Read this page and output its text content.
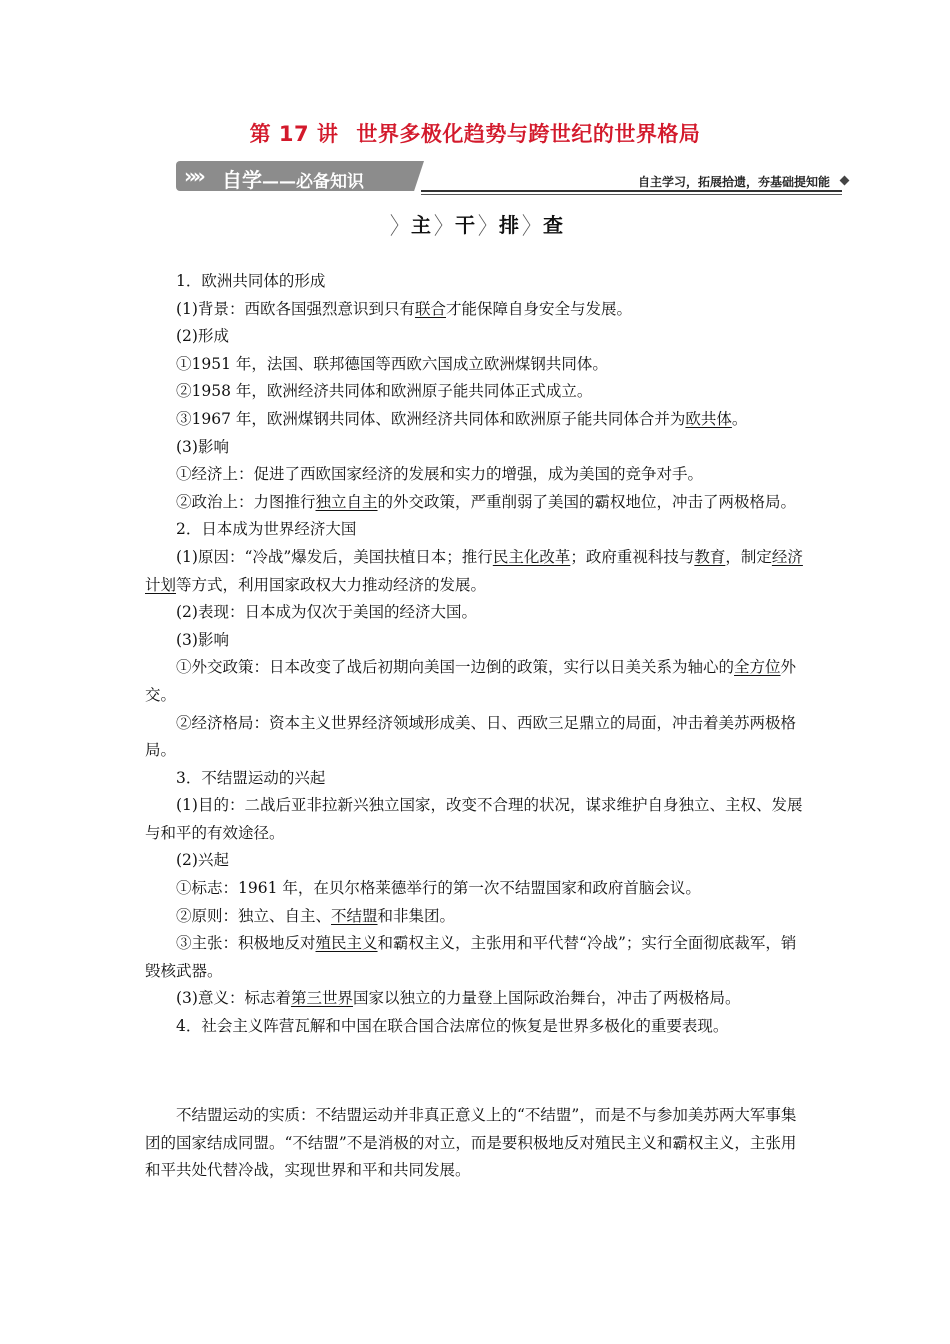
第 17 讲 世界多极化趋势与跨世纪的世界格局
»» 自学——必备知识	自主学习，拓展拾遗，夯基础提知能
〉 主 〉 干 〉 排 〉 查

1．欧洲共同体的形成

(1)背景：西欧各国强烈意识到只有联合才能保障自身安全与发展。

(2)形成

①1951 年，法国、联邦德国等西欧六国成立欧洲煤钢共同体。

②1958 年，欧洲经济共同体和欧洲原子能共同体正式成立。

③1967 年，欧洲煤钢共同体、欧洲经济共同体和欧洲原子能共同体合并为欧共体。

(3)影响

①经济上：促进了西欧国家经济的发展和实力的增强，成为美国的竞争对手。

②政治上：力图推行独立自主的外交政策，严重削弱了美国的霸权地位，冲击了两极格局。

2．日本成为世界经济大国

(1)原因：“冷战”爆发后，美国扶植日本；推行民主化改革；政府重视科技与教育，制定经济计划等方式，利用国家政权大力推动经济的发展。

(2)表现：日本成为仅次于美国的经济大国。

(3)影响

①外交政策：日本改变了战后初期向美国一边倒的政策，实行以日美关系为轴心的全方位外交。

②经济格局：资本主义世界经济领域形成美、日、西欧三足鼎立的局面，冲击着美苏两极格局。

3．不结盟运动的兴起

(1)目的：二战后亚非拉新兴独立国家，改变不合理的状况，谋求维护自身独立、主权、发展与和平的有效途径。

(2)兴起

①标志：1961 年，在贝尔格莱德举行的第一次不结盟国家和政府首脑会议。

②原则：独立、自主、不结盟和非集团。

③主张：积极地反对殖民主义和霸权主义，主张用和平代替“冷战”；实行全面彻底裁军，销毁核武器。

(3)意义：标志着第三世界国家以独立的力量登上国际政治舞台，冲击了两极格局。

4．社会主义阵营瓦解和中国在联合国合法席位的恢复是世界多极化的重要表现。

不结盟运动的实质：不结盟运动并非真正意义上的“不结盟”，而是不与参加美苏两大军事集团的国家结成同盟。“不结盟”不是消极的对立，而是要积极地反对殖民主义和霸权主义，主张用和平共处代替冷战，实现世界和平和共同发展。
